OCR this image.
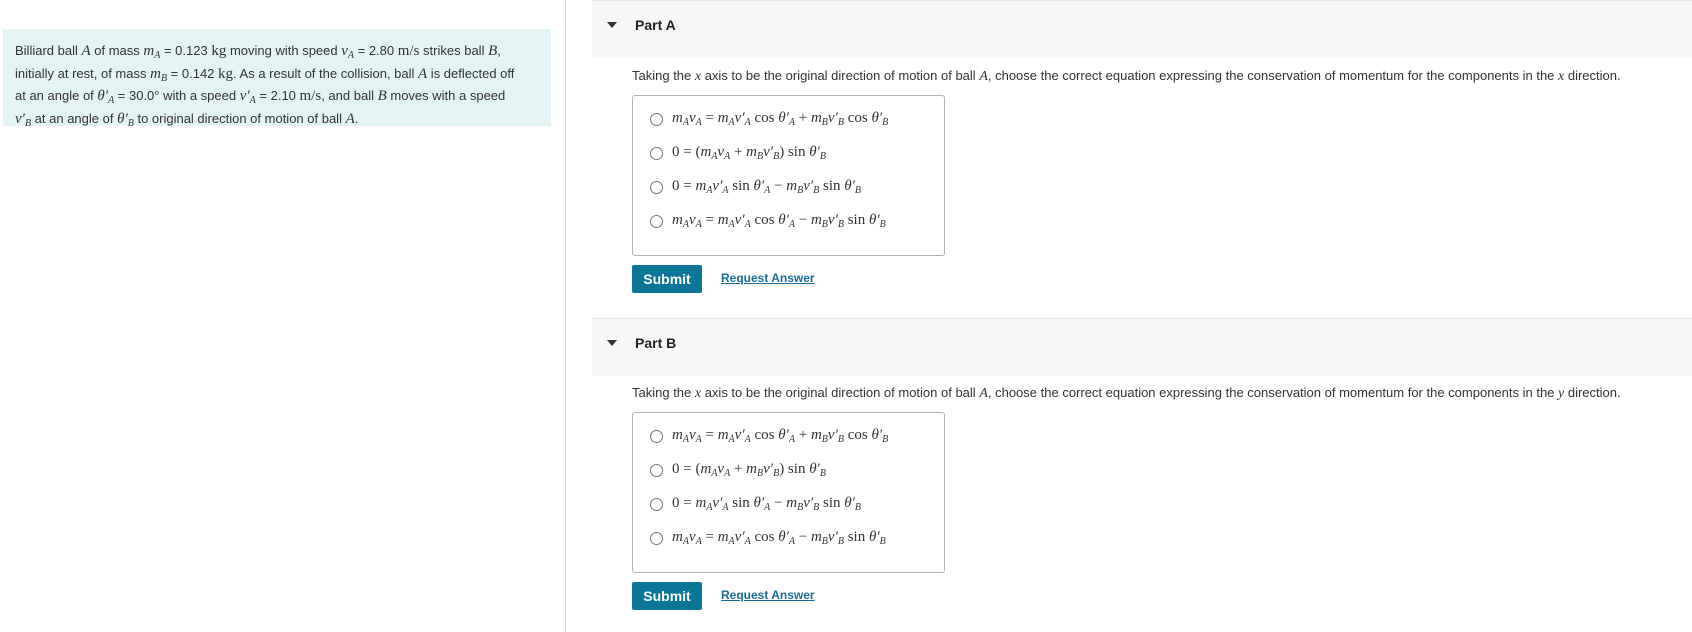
Billiard ball A of mass $m_A = 0.123$ kg moving with speed $v_A = 2.80$ m/s strikes ball B,
initially at rest, of mass $m_B = 0.142$ kg. As a result of the collision, ball A is deflected off
at an angle of $\theta'_A = 30.0^\circ$ with a speed $v'_A = 2.10$ m/s, and ball B moves with a speed
$v'_B$ at an angle of $\theta'_B$ to original direction of motion of ball A.
Part A
Taking the x axis to be the original direction of motion of ball A, choose the correct equation expressing the conservation of momentum for the components in the x direction.
$m_Av_A = m_Av'_A$ $\cos \theta'_A + m_Bv'_B$ $\cos \theta'_B$
$0 = (m_Av_A + m_Bv'_B)$ $\sin \theta'_B$
$0 = m_Av'_A$ $\sin \theta'_A - m_Bv'_B$ $\sin \theta'_B$
$m_Av_A = m_Av'_A$ $\cos \theta'_A - m_Bv'_B$ $\sin \theta'_B$
Submit	Request Answer
Part B
Taking the x axis to be the original direction of motion of ball A, choose the correct equation expressing the conservation of momentum for the components in the y direction.
$m_Av_A = m_Av'_A$ $\cos \theta'_A + m_Bv'_B$ $\cos \theta'_B$
$0 = (m_Av_A + m_Bv'_B)$ $\sin \theta'_B$
$0 = m_Av'_A$ $\sin \theta'_A - m_Bv'_B$ $\sin \theta'_B$
$m_Av_A = m_Av'_A$ $\cos \theta'_A - m_Bv'_B$ $\sin \theta'_B$
Submit	Request Answer
